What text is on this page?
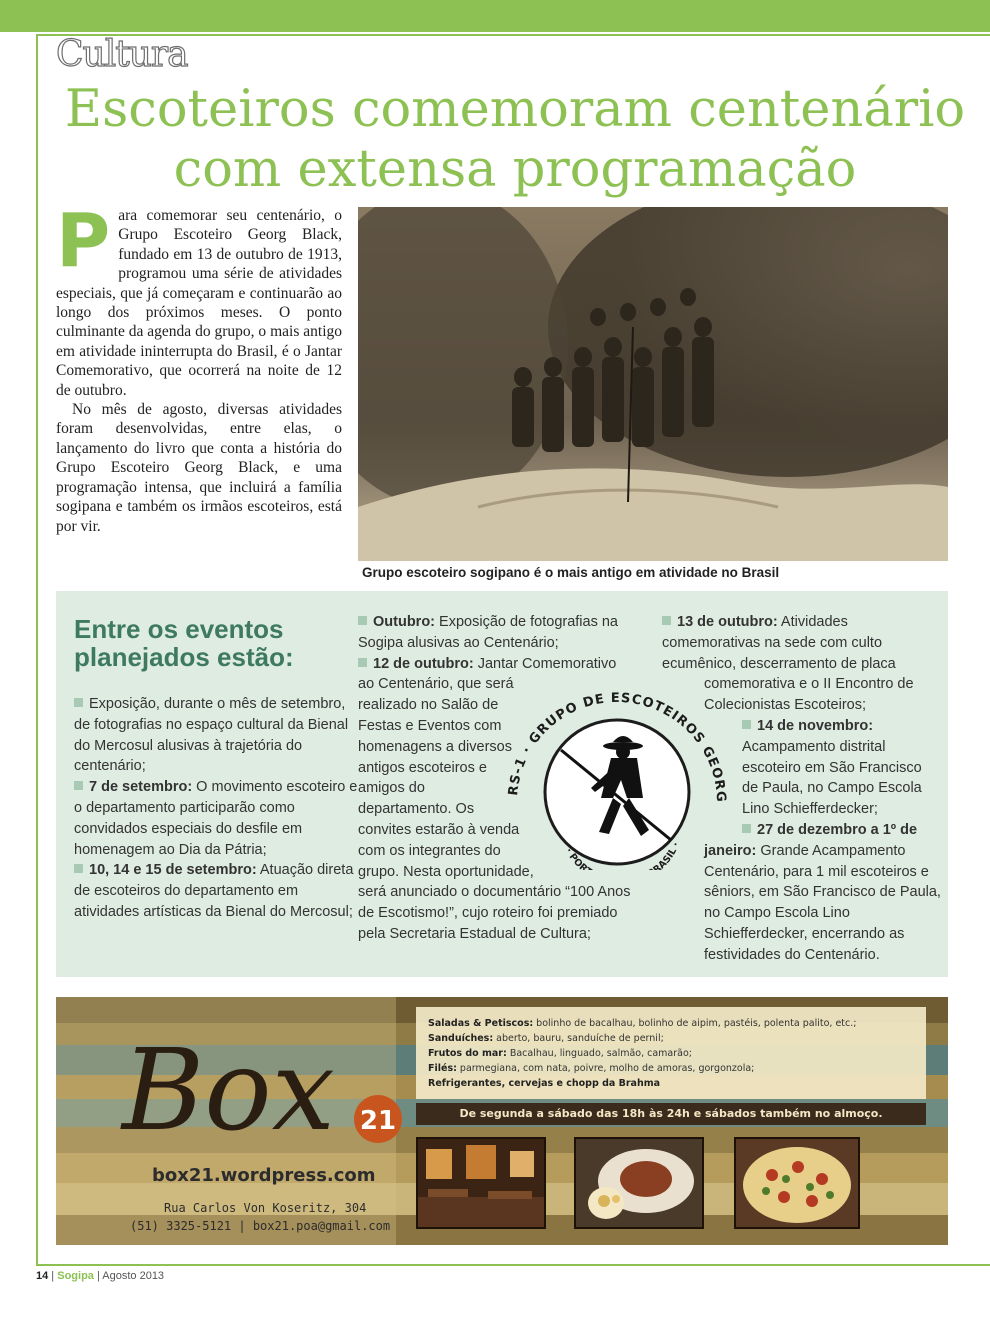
Cultura
Escoteiros comemoram centenário
com extensa programação
P ara comemorar seu centenário, o Grupo Escoteiro Georg Black, fundado em 13 de outubro de 1913, programou uma série de atividades especiais, que já começaram e continuarão ao longo dos próximos meses. O ponto culminante da agenda do grupo, o mais antigo em atividade ininterrupta do Brasil, é o Jantar Comemorativo, que ocorrerá na noite de 12 de outubro.

No mês de agosto, diversas atividades foram desenvolvidas, entre elas, o lançamento do livro que conta a história do Grupo Escoteiro Georg Black, e uma programação intensa, que incluirá a família sogipana e também os irmãos escoteiros, está por vir.

Grupo escoteiro sogipano é o mais antigo em atividade no Brasil
Entre os eventos
planejados estão:

Exposição, durante o mês de setembro, de fotografias no espaço cultural da Bienal do Mercosul alusivas à trajetória do centenário;

7 de setembro: O movimento escoteiro e o departamento participarão como convidados especiais do desfile em homenagem ao Dia da Pátria;

10, 14 e 15 de setembro: Atuação direta de escoteiros do departamento em atividades artísticas da Bienal do Mercosul;

Outubro: Exposição de fotografias na Sogipa alusivas ao Centenário;

12 de outubro: Jantar Comemorativo

ao Centenário, que será
realizado no Salão de
Festas e Eventos com
homenagens a diversos
antigos escoteiros e
amigos do
departamento. Os
convites estarão à venda
com os integrantes do
grupo. Nesta oportunidade,

será anunciado o documentário “100 Anos de Escotismo!”, cujo roteiro foi premiado pela Secretaria Estadual de Cultura;

13 de outubro: Atividades comemorativas na sede com culto ecumênico, descerramento de placa

comemorativa e o II Encontro de
Colecionistas Escoteiros;
14 de novembro:
Acampamento distrital
escoteiro em São Francisco
de Paula, no Campo Escola
Lino Schiefferdecker;
27 de dezembro a 1º de
janeiro: Grande Acampamento

Centenário, para 1 mil escoteiros e sêniors, em São Francisco de Paula, no Campo Escola Lino Schiefferdecker, encerrando as festividades do Centenário.

RS-1 · GRUPO DE ESCOTEIROS GEORG
· POR RASIL ·
Box 21
box21.wordpress.com
Rua Carlos Von Koseritz, 304
(51) 3325-5121 | box21.poa@gmail.com

Saladas & Petiscos: bolinho de bacalhau, bolinho de aipim, pastéis, polenta palito, etc.;

Sanduíches: aberto, bauru, sanduíche de pernil;

Frutos do mar: Bacalhau, linguado, salmão, camarão;

Filés: parmegiana, com nata, poivre, molho de amoras, gorgonzola;

Refrigerantes, cervejas e chopp da Brahma

De segunda a sábado das 18h às 24h e sábados também no almoço.
14 | Sogipa | Agosto 2013
